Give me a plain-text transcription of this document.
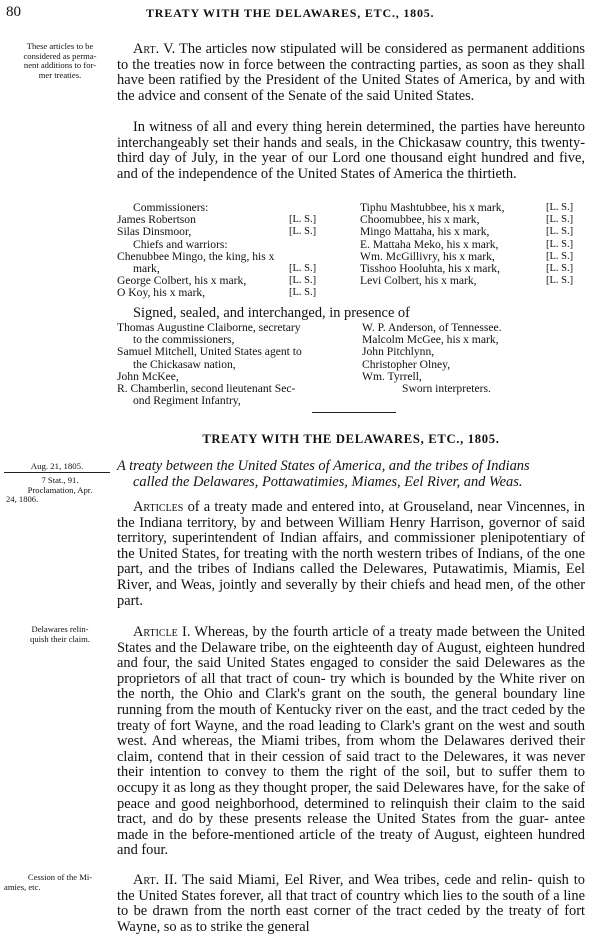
80	TREATY WITH THE DELAWARES, ETC., 1805.
These articles to be
considered as perma-
nent additions to for-
mer treaties.

Art. V. The articles now stipulated will be considered as permanent additions to the treaties now in force between the contracting parties, as soon as they shall have been ratified by the President of the United States of America, by and with the advice and consent of the Senate of the said United States.

In witness of all and every thing herein determined, the parties have hereunto interchangeably set their hands and seals, in the Chickasaw country, this twenty-third day of July, in the year of our Lord one thousand eight hundred and five, and of the independence of the United States of America the thirtieth.

Commissioners:
James Robertson	[L. S.]
Silas Dinsmoor,	[L. S.]
Chiefs and warriors:
Chenubbee Mingo, the king, his x
mark,	[L. S.]
George Colbert, his x mark,	[L. S.]
O Koy, his x mark,	[L. S.]
Tiphu Mashtubbee, his x mark,	[L. S.]
Choomubbee, his x mark,	[L. S.]
Mingo Mattaha, his x mark,	[L. S.]
E. Mattaha Meko, his x mark,	[L. S.]
Wm. McGillivry, his x mark,	[L. S.]
Tisshoo Hooluhta, his x mark,	[L. S.]
Levi Colbert, his x mark,	[L. S.]

Signed, sealed, and interchanged, in presence of

Thomas Augustine Claiborne, secretary
to the commissioners,
Samuel Mitchell, United States agent to
the Chickasaw nation,
John McKee,
R. Chamberlin, second lieutenant Sec-
ond Regiment Infantry,
W. P. Anderson, of Tennessee.
Malcolm McGee, his x mark,
John Pitchlynn,
Christopher Olney,
Wm. Tyrrell,
Sworn interpreters.
TREATY WITH THE DELAWARES, ETC., 1805.
Aug. 21, 1805.
7 Stat., 91.
Proclamation, Apr.
24, 1806.
A treaty between the United States of America, and the tribes of Indians
called the Delawares, Pottawatimies, Miames, Eel River, and Weas.

Articles of a treaty made and entered into, at Grouseland, near Vincennes, in the Indiana territory, by and between William Henry Harrison, governor of said territory, superintendent of Indian affairs, and commissioner plenipotentiary of the United States, for treating with the north western tribes of Indians, of the one part, and the tribes of Indians called the Delewares, Putawatimis, Miamis, Eel River, and Weas, jointly and severally by their chiefs and head men, of the other part.

Delawares relin-
quish their claim.	Article I. Whereas, by the fourth article of a treaty made between the United States and the Delaware tribe, on the eighteenth day of August, eighteen hundred and four, the said United States engaged to consider the said Delewares as the proprietors of all that tract of coun- try which is bounded by the White river on the north, the Ohio and Clark's grant on the south, the general boundary line running from the mouth of Kentucky river on the east, and the tract ceded by the treaty of fort Wayne, and the road leading to Clark's grant on the west and south west. And whereas, the Miami tribes, from whom the Delawares derived their claim, contend that in their cession of said tract to the Delewares, it was never their intention to convey to them the right of the soil, but to suffer them to occupy it as long as they thought proper, the said Delewares have, for the sake of peace and good neighborhood, determined to relinquish their claim to the said tract, and do by these presents release the United States from the guar- antee made in the before-mentioned article of the treaty of August, eighteen hundred and four.

Cession of the Mi-
amies, etc.	Art. II. The said Miami, Eel River, and Wea tribes, cede and relin- quish to the United States forever, all that tract of country which lies to the south of a line to be drawn from the north east corner of the tract ceded by the treaty of fort Wayne, so as to strike the general
